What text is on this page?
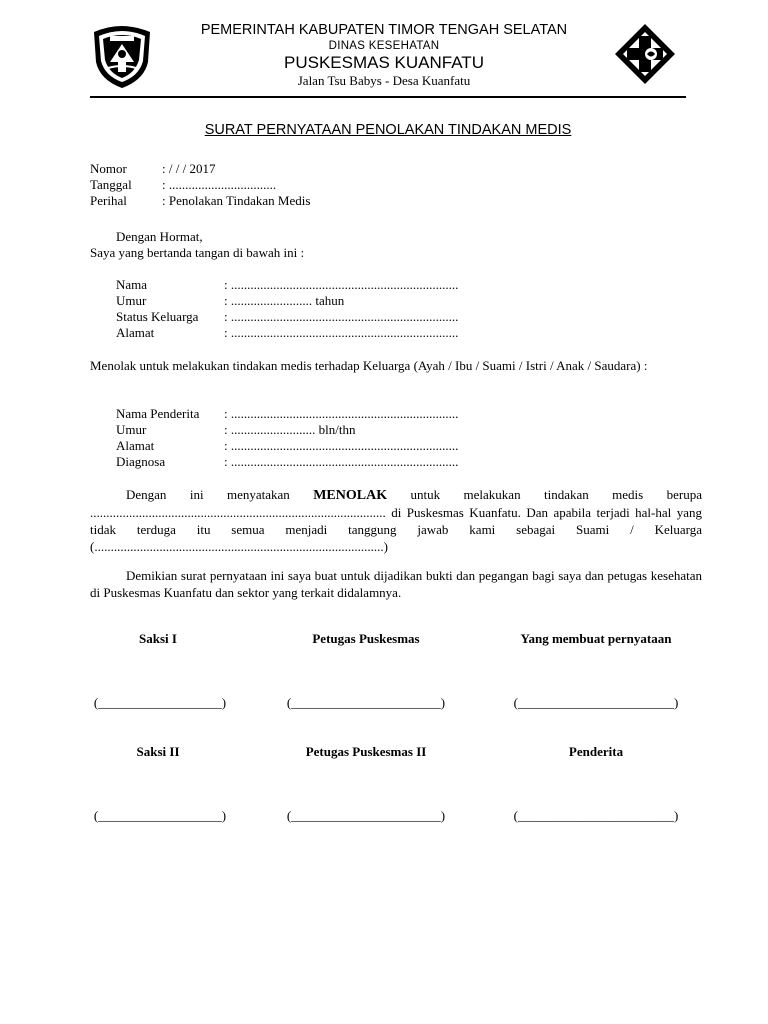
PEMERINTAH KABUPATEN TIMOR TENGAH SELATAN
DINAS KESEHATAN
PUSKESMAS KUANFATU
Jalan Tsu Babys - Desa Kuanfatu
SURAT PERNYATAAN PENOLAKAN TINDAKAN MEDIS
Nomor	: / / / 2017
Tanggal : .................................
Perihal	: Penolakan Tindakan Medis
Dengan Hormat,
Saya yang bertanda tangan di bawah ini :
Nama	: ......................................................................
Umur	: ......................... tahun
Status Keluarga : ......................................................................
Alamat	: ......................................................................
Menolak untuk melakukan tindakan medis terhadap Keluarga (Ayah / Ibu / Suami / Istri / Anak / Saudara) :
Nama Penderita : ......................................................................
Umur	: .......................... bln/thn
Alamat	: ......................................................................
Diagnosa	: ......................................................................
Dengan ini menyatakan MENOLAK untuk melakukan tindakan medis berupa ........................................................................................... di Puskesmas Kuanfatu. Dan apabila terjadi hal-hal yang tidak terduga itu semua menjadi tanggung jawab kami sebagai Suami / Keluarga (.........................................................................................)
Demikian surat pernyataan ini saya buat untuk dijadikan bukti dan pegangan bagi saya dan petugas kesehatan di Puskesmas Kuanfatu dan sektor yang terkait didalamnya.
Saksi I	Petugas Puskesmas	Yang membuat pernyataan
(___________________)	(_______________________)	(________________________)
Saksi II	Petugas Puskesmas II	Penderita
(___________________)	(_______________________)	(________________________)
